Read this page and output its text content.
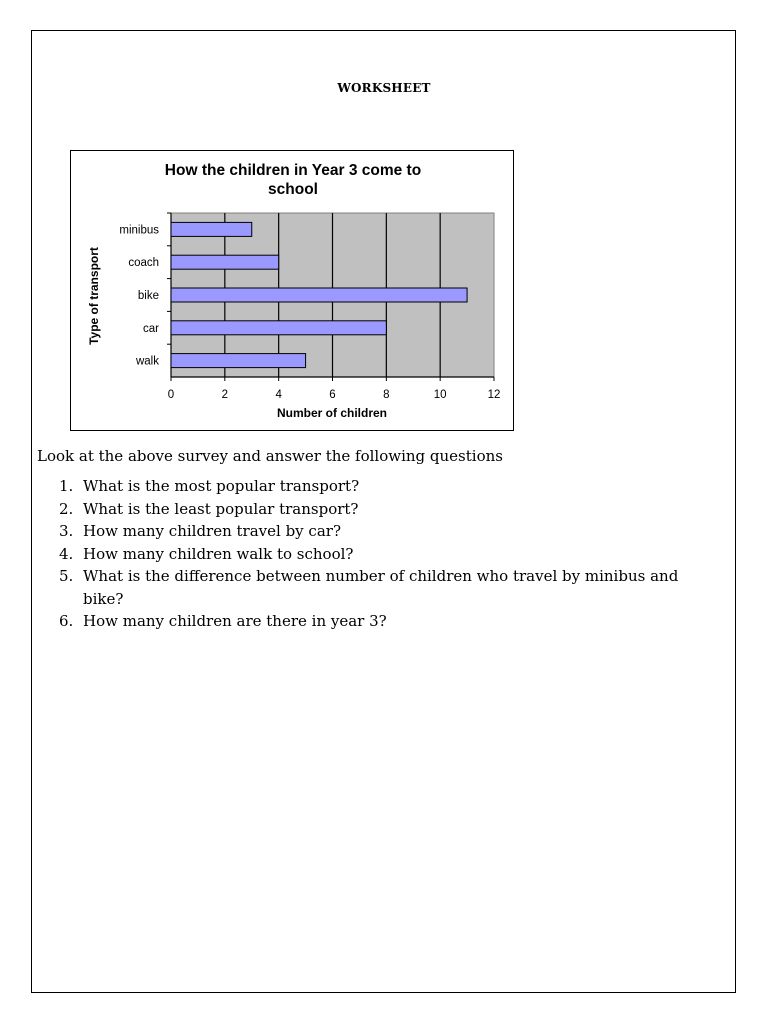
WORKSHEET
How the children in Year 3 come to
school
minibus
coach
bike
car
walk
0	2	4	6	8	10	12
Number of children
Type of transport
Look at the above survey and answer the following questions
1. What is the most popular transport?
2. What is the least popular transport?
3. How many children travel by car?
4. How many children walk to school?
5. What is the difference between number of children who travel by minibus and bike?
6. How many children are there in year 3?
